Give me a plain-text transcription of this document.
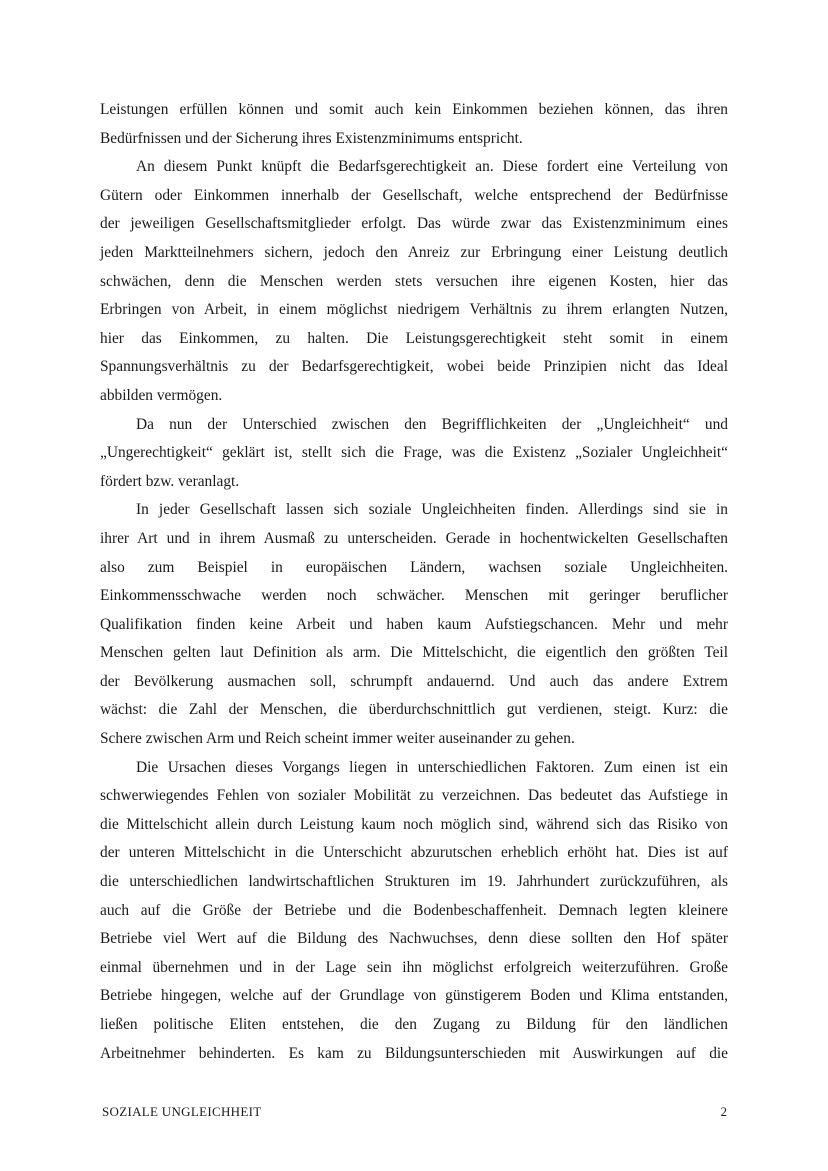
Leistungen erfüllen können und somit auch kein Einkommen beziehen können, das ihren
Bedürfnissen und der Sicherung ihres Existenzminimums entspricht.
An diesem Punkt knüpft die Bedarfsgerechtigkeit an. Diese fordert eine Verteilung von
Gütern oder Einkommen innerhalb der Gesellschaft, welche entsprechend der Bedürfnisse
der jeweiligen Gesellschaftsmitglieder erfolgt. Das würde zwar das Existenzminimum eines
jeden Marktteilnehmers sichern, jedoch den Anreiz zur Erbringung einer Leistung deutlich
schwächen, denn die Menschen werden stets versuchen ihre eigenen Kosten, hier das
Erbringen von Arbeit, in einem möglichst niedrigem Verhältnis zu ihrem erlangten Nutzen,
hier das Einkommen, zu halten. Die Leistungsgerechtigkeit steht somit in einem
Spannungsverhältnis zu der Bedarfsgerechtigkeit, wobei beide Prinzipien nicht das Ideal
abbilden vermögen.
Da nun der Unterschied zwischen den Begrifflichkeiten der „Ungleichheit“ und
„Ungerechtigkeit“ geklärt ist, stellt sich die Frage, was die Existenz „Sozialer Ungleichheit“
fördert bzw. veranlagt.
In jeder Gesellschaft lassen sich soziale Ungleichheiten finden. Allerdings sind sie in
ihrer Art und in ihrem Ausmaß zu unterscheiden. Gerade in hochentwickelten Gesellschaften
also zum Beispiel in europäischen Ländern, wachsen soziale Ungleichheiten.
Einkommensschwache werden noch schwächer. Menschen mit geringer beruflicher
Qualifikation finden keine Arbeit und haben kaum Aufstiegschancen. Mehr und mehr
Menschen gelten laut Definition als arm. Die Mittelschicht, die eigentlich den größten Teil
der Bevölkerung ausmachen soll, schrumpft andauernd. Und auch das andere Extrem
wächst: die Zahl der Menschen, die überdurchschnittlich gut verdienen, steigt. Kurz: die
Schere zwischen Arm und Reich scheint immer weiter auseinander zu gehen.
Die Ursachen dieses Vorgangs liegen in unterschiedlichen Faktoren. Zum einen ist ein
schwerwiegendes Fehlen von sozialer Mobilität zu verzeichnen. Das bedeutet das Aufstiege in
die Mittelschicht allein durch Leistung kaum noch möglich sind, während sich das Risiko von
der unteren Mittelschicht in die Unterschicht abzurutschen erheblich erhöht hat. Dies ist auf
die unterschiedlichen landwirtschaftlichen Strukturen im 19. Jahrhundert zurückzuführen, als
auch auf die Größe der Betriebe und die Bodenbeschaffenheit. Demnach legten kleinere
Betriebe viel Wert auf die Bildung des Nachwuchses, denn diese sollten den Hof später
einmal übernehmen und in der Lage sein ihn möglichst erfolgreich weiterzuführen. Große
Betriebe hingegen, welche auf der Grundlage von günstigerem Boden und Klima entstanden,
ließen politische Eliten entstehen, die den Zugang zu Bildung für den ländlichen
Arbeitnehmer behinderten. Es kam zu Bildungsunterschieden mit Auswirkungen auf die
SOZIALE UNGLEICHHEIT	2
